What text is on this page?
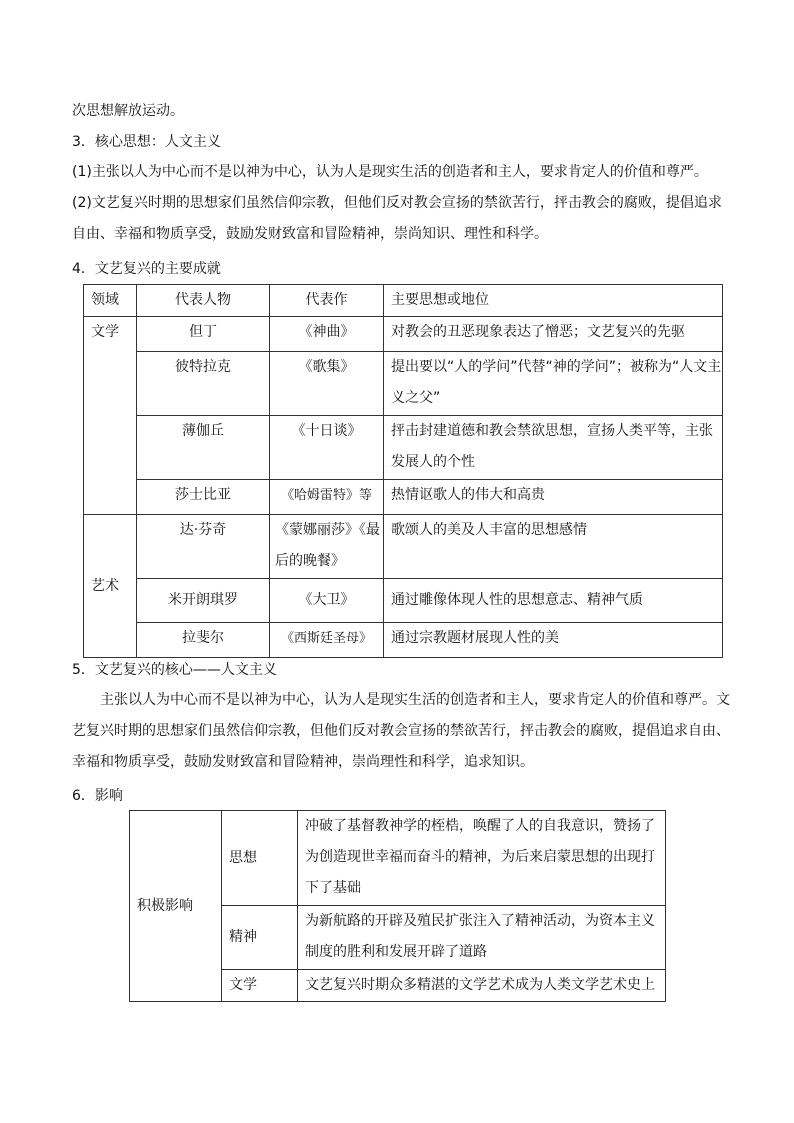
次思想解放运动。
3．核心思想：人文主义
(1)主张以人为中心而不是以神为中心，认为人是现实生活的创造者和主人，要求肯定人的价值和尊严。
(2)文艺复兴时期的思想家们虽然信仰宗教，但他们反对教会宣扬的禁欲苦行，抨击教会的腐败，提倡追求自由、幸福和物质享受，鼓励发财致富和冒险精神，崇尚知识、理性和科学。
4．文艺复兴的主要成就
领域	代表人物	代表作	主要思想或地位
文学	但丁	《神曲》	对教会的丑恶现象表达了憎恶；文艺复兴的先驱
	彼特拉克	《歌集》	提出要以“人的学问”代替“神的学问”；被称为“人文主义之父”
	薄伽丘	《十日谈》	抨击封建道德和教会禁欲思想，宣扬人类平等，主张发展人的个性
	莎士比亚	《哈姆雷特》等	热情讴歌人的伟大和高贵
艺术	达·芬奇	《蒙娜丽莎》《最后的晚餐》	歌颂人的美及人丰富的思想感情
	米开朗琪罗	《大卫》	通过雕像体现人性的思想意志、精神气质
	拉斐尔	《西斯廷圣母》	通过宗教题材展现人性的美
5．文艺复兴的核心——人文主义
主张以人为中心而不是以神为中心，认为人是现实生活的创造者和主人，要求肯定人的价值和尊严。文艺复兴时期的思想家们虽然信仰宗教，但他们反对教会宣扬的禁欲苦行，抨击教会的腐败，提倡追求自由、幸福和物质享受，鼓励发财致富和冒险精神，崇尚理性和科学，追求知识。
6．影响
积极影响	思想	冲破了基督教神学的桎梏，唤醒了人的自我意识，赞扬了为创造现世幸福而奋斗的精神，为后来启蒙思想的出现打下了基础
	精神	为新航路的开辟及殖民扩张注入了精神活动，为资本主义制度的胜利和发展开辟了道路
	文学	文艺复兴时期众多精湛的文学艺术成为人类文学艺术史上
